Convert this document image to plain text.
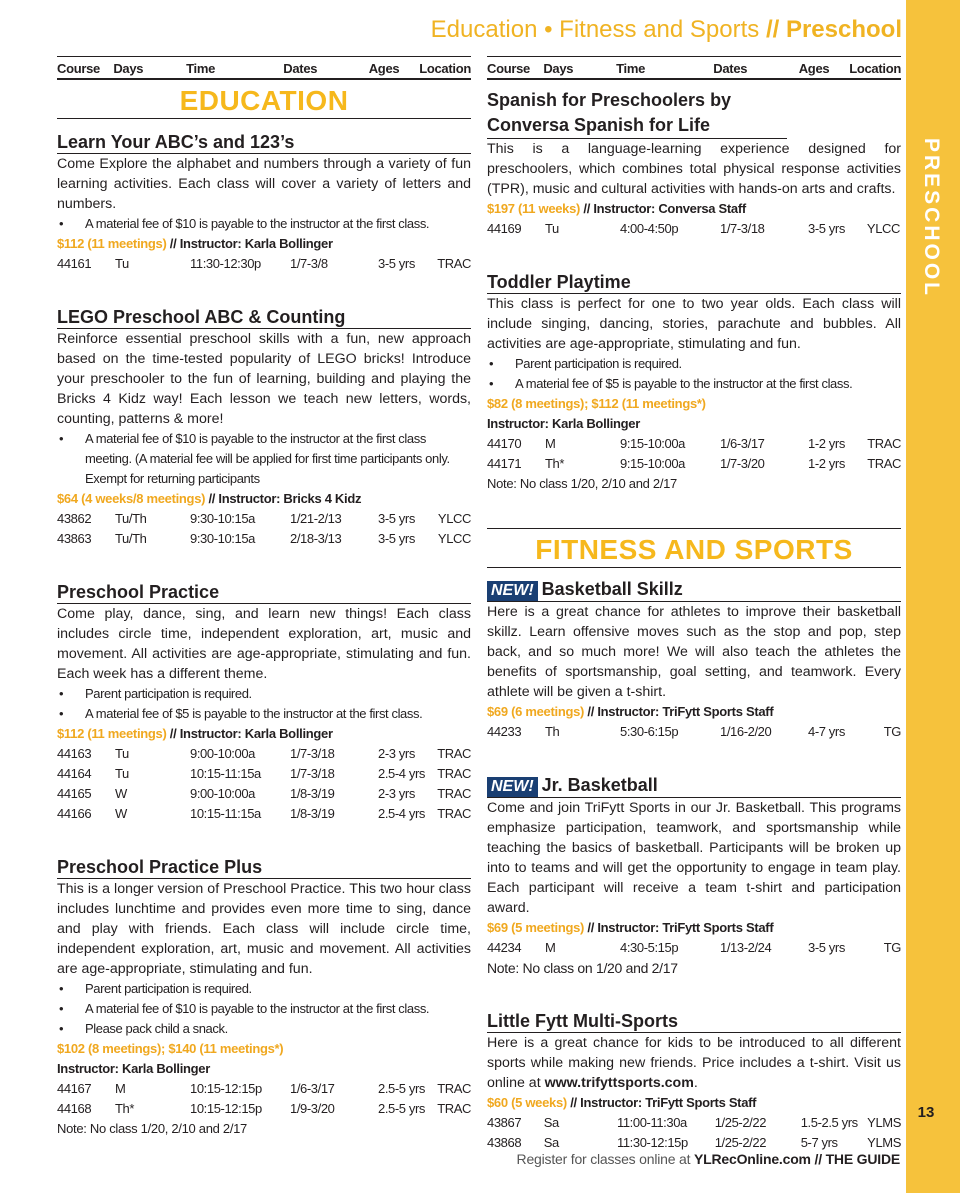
PRESCHOOL
13
Education • Fitness and Sports // Preschool
Course	Days	Time	Dates	Ages	Location
EDUCATION
Learn Your ABC’s and 123’s
Come Explore the alphabet and numbers through a variety of fun learning activities. Each class will cover a variety of letters and numbers.
• A material fee of $10 is payable to the instructor at the first class.
$112 (11 meetings) // Instructor: Karla Bollinger
44161	Tu	11:30-12:30p	1/7-3/8	3-5 yrs	TRAC
LEGO Preschool ABC & Counting
Reinforce essential preschool skills with a fun, new approach based on the time-tested popularity of LEGO bricks! Introduce your preschooler to the fun of learning, building and playing the Bricks 4 Kidz way! Each lesson we teach new letters, words, counting, patterns & more!
• A material fee of $10 is payable to the instructor at the first class meeting. (A material fee will be applied for first time participants only. Exempt for returning participants
$64 (4 weeks/8 meetings) // Instructor: Bricks 4 Kidz
43862	Tu/Th	9:30-10:15a	1/21-2/13	3-5 yrs	YLCC
43863	Tu/Th	9:30-10:15a	2/18-3/13	3-5 yrs	YLCC
Preschool Practice
Come play, dance, sing, and learn new things! Each class includes circle time, independent exploration, art, music and movement. All activities are age-appropriate, stimulating and fun. Each week has a different theme.
• Parent participation is required.
• A material fee of $5 is payable to the instructor at the first class.
$112 (11 meetings) // Instructor: Karla Bollinger
44163	Tu	9:00-10:00a	1/7-3/18	2-3 yrs	TRAC
44164	Tu	10:15-11:15a	1/7-3/18	2.5-4 yrs TRAC
44165	W	9:00-10:00a	1/8-3/19	2-3 yrs	TRAC
44166	W	10:15-11:15a	1/8-3/19	2.5-4 yrs TRAC
Preschool Practice Plus
This is a longer version of Preschool Practice. This two hour class includes lunchtime and provides even more time to sing, dance and play with friends. Each class will include circle time, independent exploration, art, music and movement. All activities are age-appropriate, stimulating and fun.
• Parent participation is required.
• A material fee of $10 is payable to the instructor at the first class.
• Please pack child a snack.
$102 (8 meetings); $140 (11 meetings*)
Instructor: Karla Bollinger
44167	M	10:15-12:15p	1/6-3/17	2.5-5 yrs TRAC
44168	Th*	10:15-12:15p	1/9-3/20	2.5-5 yrs TRAC
Note: No class 1/20, 2/10 and 2/17
Course	Days	Time	Dates	Ages	Location
Spanish for Preschoolers by Conversa Spanish for Life
This is a language-learning experience designed for preschoolers, which combines total physical response activities (TPR), music and cultural activities with hands-on arts and crafts.
$197 (11 weeks) // Instructor: Conversa Staff
44169	Tu	4:00-4:50p	1/7-3/18	3-5 yrs	YLCC
Toddler Playtime
This class is perfect for one to two year olds. Each class will include singing, dancing, stories, parachute and bubbles. All activities are age-appropriate, stimulating and fun.
• Parent participation is required.
• A material fee of $5 is payable to the instructor at the first class.
$82 (8 meetings); $112 (11 meetings*)
Instructor: Karla Bollinger
44170	M	9:15-10:00a	1/6-3/17	1-2 yrs	TRAC
44171	Th*	9:15-10:00a	1/7-3/20	1-2 yrs	TRAC
Note: No class 1/20, 2/10 and 2/17
FITNESS AND SPORTS
NEW! Basketball Skillz
Here is a great chance for athletes to improve their basketball skillz. Learn offensive moves such as the stop and pop, step back, and so much more! We will also teach the athletes the benefits of sportsmanship, goal setting, and teamwork. Every athlete will be given a t-shirt.
$69 (6 meetings) // Instructor: TriFytt Sports Staff
44233	Th	5:30-6:15p	1/16-2/20	4-7 yrs	TG
NEW! Jr. Basketball
Come and join TriFytt Sports in our Jr. Basketball. This programs emphasize participation, teamwork, and sportsmanship while teaching the basics of basketball. Participants will be broken up into to teams and will get the opportunity to engage in team play. Each participant will receive a team t-shirt and participation award.
$69 (5 meetings) // Instructor: TriFytt Sports Staff
44234	M	4:30-5:15p	1/13-2/24	3-5 yrs	TG
Note: No class on 1/20 and 2/17
Little Fytt Multi-Sports
Here is a great chance for kids to be introduced to all different sports while making new friends. Price includes a t-shirt. Visit us online at www.trifyttsports.com.
$60 (5 weeks) // Instructor: TriFytt Sports Staff
43867	Sa	11:00-11:30a	1/25-2/22	1.5-2.5 yrs YLMS
43868	Sa	11:30-12:15p	1/25-2/22	5-7 yrs	YLMS
Register for classes online at YLRecOnline.com // THE GUIDE
